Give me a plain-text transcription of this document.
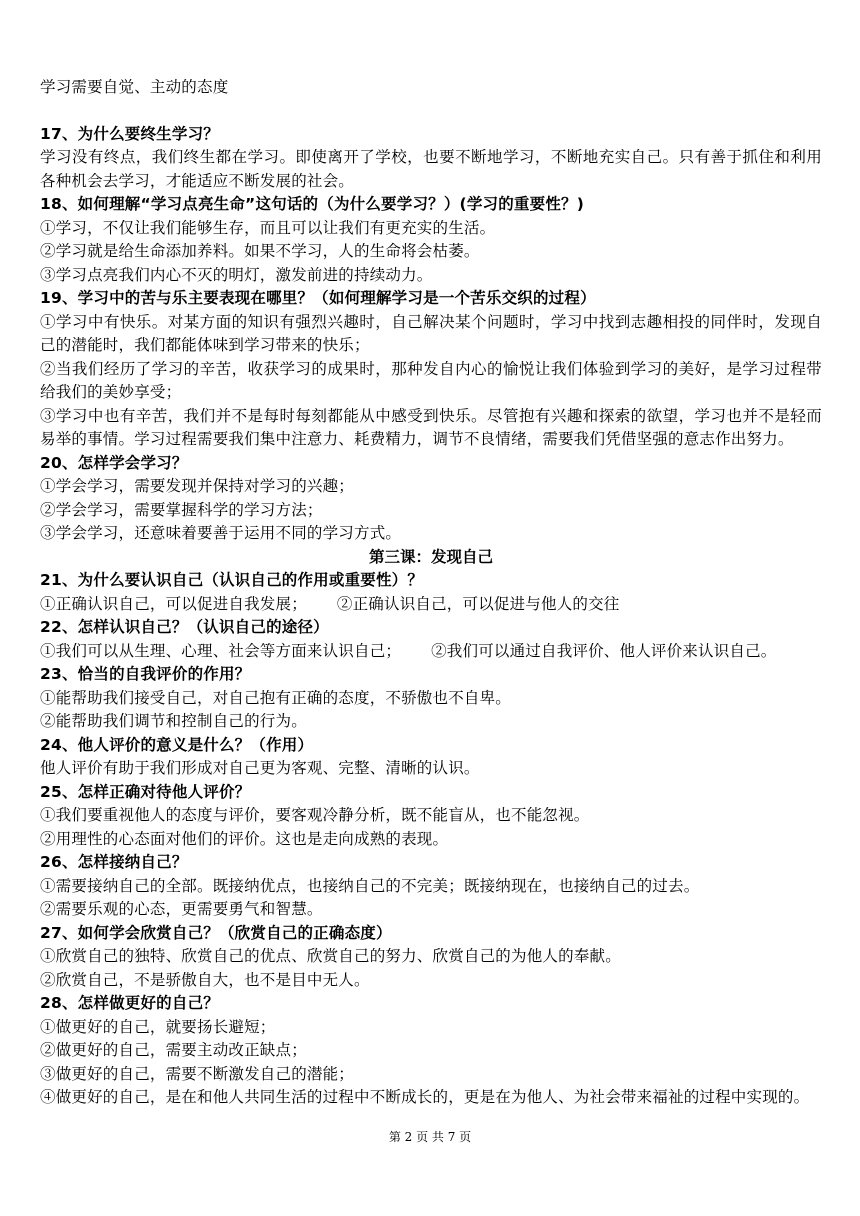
学习需要自觉、主动的态度

17、为什么要终生学习？

学习没有终点，我们终生都在学习。即使离开了学校，也要不断地学习，不断地充实自己。只有善于抓住和利用各种机会去学习，才能适应不断发展的社会。

18、如何理解“学习点亮生命”这句话的（为什么要学习？）(学习的重要性？)

①学习，不仅让我们能够生存，而且可以让我们有更充实的生活。

②学习就是给生命添加养料。如果不学习，人的生命将会枯萎。

③学习点亮我们内心不灭的明灯，激发前进的持续动力。

19、学习中的苦与乐主要表现在哪里？（如何理解学习是一个苦乐交织的过程）

①学习中有快乐。对某方面的知识有强烈兴趣时，自己解决某个问题时，学习中找到志趣相投的同伴时，发现自己的潜能时，我们都能体味到学习带来的快乐；

②当我们经历了学习的辛苦，收获学习的成果时，那种发自内心的愉悦让我们体验到学习的美好，是学习过程带给我们的美妙享受；

③学习中也有辛苦，我们并不是每时每刻都能从中感受到快乐。尽管抱有兴趣和探索的欲望，学习也并不是轻而易举的事情。学习过程需要我们集中注意力、耗费精力，调节不良情绪，需要我们凭借坚强的意志作出努力。

20、怎样学会学习？

①学会学习，需要发现并保持对学习的兴趣；

②学会学习，需要掌握科学的学习方法；

③学会学习，还意味着要善于运用不同的学习方式。

第三课：发现自己

21、为什么要认识自己（认识自己的作用或重要性）？

①正确认识自己，可以促进自我发展； ②正确认识自己，可以促进与他人的交往

22、怎样认识自己？（认识自己的途径）

①我们可以从生理、心理、社会等方面来认识自己； ②我们可以通过自我评价、他人评价来认识自己。

23、恰当的自我评价的作用？

①能帮助我们接受自己，对自己抱有正确的态度，不骄傲也不自卑。

②能帮助我们调节和控制自己的行为。

24、他人评价的意义是什么？（作用）

他人评价有助于我们形成对自己更为客观、完整、清晰的认识。

25、怎样正确对待他人评价？

①我们要重视他人的态度与评价，要客观冷静分析，既不能盲从，也不能忽视。

②用理性的心态面对他们的评价。这也是走向成熟的表现。

26、怎样接纳自己？

①需要接纳自己的全部。既接纳优点，也接纳自己的不完美；既接纳现在，也接纳自己的过去。

②需要乐观的心态，更需要勇气和智慧。

27、如何学会欣赏自己？（欣赏自己的正确态度）

①欣赏自己的独特、欣赏自己的优点、欣赏自己的努力、欣赏自己的为他人的奉献。

②欣赏自己，不是骄傲自大，也不是目中无人。

28、怎样做更好的自己？

①做更好的自己，就要扬长避短；

②做更好的自己，需要主动改正缺点；

③做更好的自己，需要不断激发自己的潜能；

④做更好的自己，是在和他人共同生活的过程中不断成长的，更是在为他人、为社会带来福祉的过程中实现的。

第 2 页 共 7 页
